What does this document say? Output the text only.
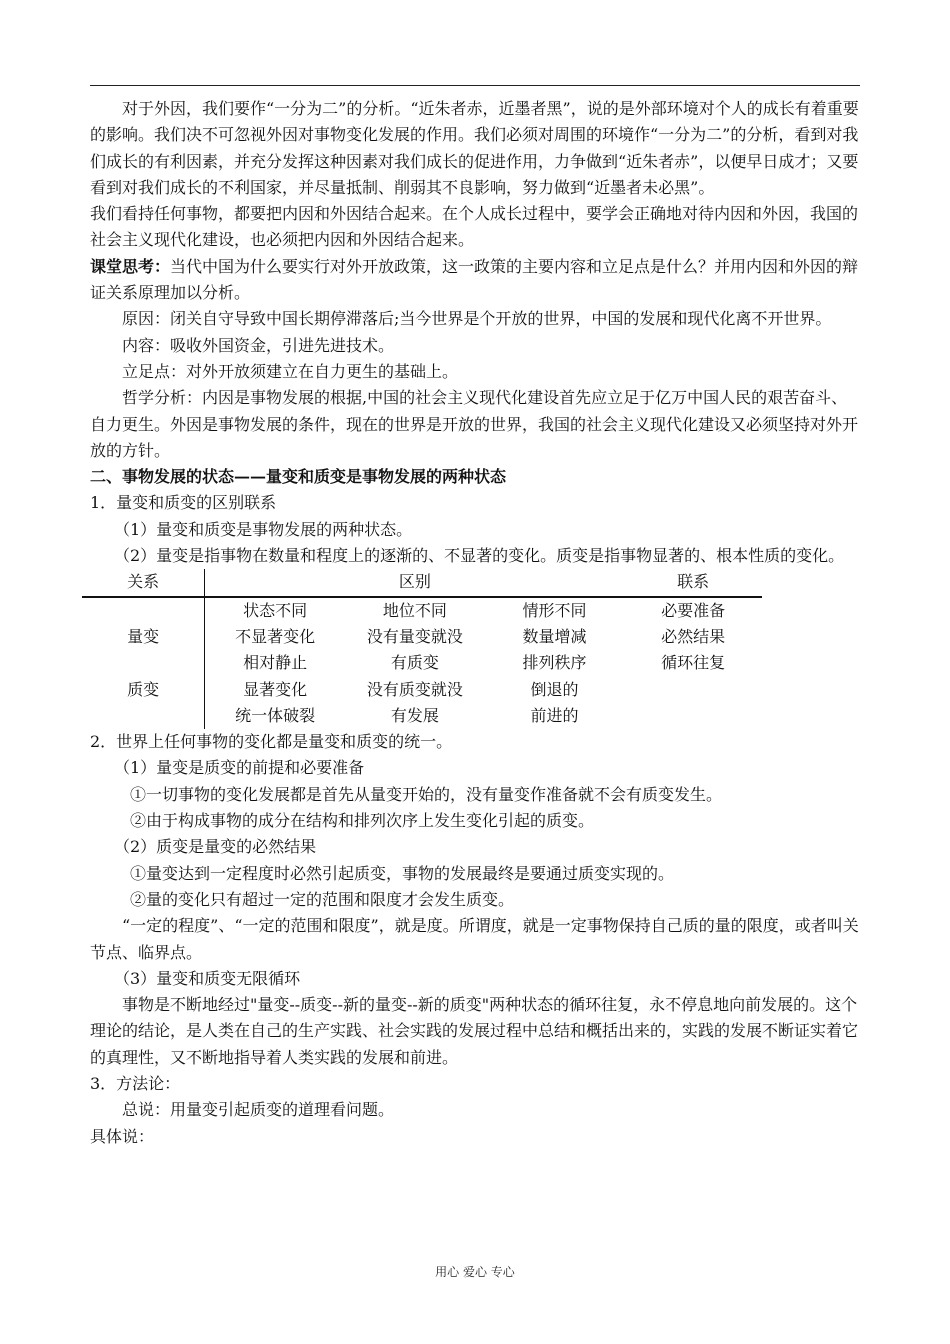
对于外因，我们要作“一分为二”的分析。“近朱者赤，近墨者黑”，说的是外部环境对个人的成长有着重要的影响。我们决不可忽视外因对事物变化发展的作用。我们必须对周围的环境作“一分为二”的分析，看到对我们成长的有利因素，并充分发挥这种因素对我们成长的促进作用，力争做到“近朱者赤”，以便早日成才；又要看到对我们成长的不利国家，并尽量抵制、削弱其不良影响，努力做到“近墨者未必黑”。

我们看持任何事物，都要把内因和外因结合起来。在个人成长过程中，要学会正确地对待内因和外因，我国的社会主义现代化建设，也必须把内因和外因结合起来。

课堂思考：当代中国为什么要实行对外开放政策，这一政策的主要内容和立足点是什么？并用内因和外因的辩证关系原理加以分析。

原因：闭关自守导致中国长期停滞落后;当今世界是个开放的世界，中国的发展和现代化离不开世界。

内容：吸收外国资金，引进先进技术。

立足点：对外开放须建立在自力更生的基础上。

哲学分析：内因是事物发展的根据,中国的社会主义现代化建设首先应立足于亿万中国人民的艰苦奋斗、自力更生。外因是事物发展的条件，现在的世界是开放的世界，我国的社会主义现代化建设又必须坚持对外开放的方针。

二、事物发展的状态——量变和质变是事物发展的两种状态

1．量变和质变的区别联系

（1）量变和质变是事物发展的两种状态。

（2）量变是指事物在数量和程度上的逐渐的、不显著的变化。质变是指事物显著的、根本性质的变化。

关系	区别			联系
	状态不同	地位不同	情形不同	必要准备
量变	不显著变化	没有量变就没	数量增减	必然结果
	相对静止	有质变	排列秩序	循环往复
质变	显著变化	没有质变就没	倒退的	
	统一体破裂	有发展	前进的	

2．世界上任何事物的变化都是量变和质变的统一。

（1）量变是质变的前提和必要准备

①一切事物的变化发展都是首先从量变开始的，没有量变作准备就不会有质变发生。

②由于构成事物的成分在结构和排列次序上发生变化引起的质变。

（2）质变是量变的必然结果

①量变达到一定程度时必然引起质变，事物的发展最终是要通过质变实现的。

②量的变化只有超过一定的范围和限度才会发生质变。

“一定的程度”、“一定的范围和限度”，就是度。所谓度，就是一定事物保持自己质的量的限度，或者叫关节点、临界点。

（3）量变和质变无限循环

事物是不断地经过"量变--质变--新的量变--新的质变"两种状态的循环往复，永不停息地向前发展的。这个理论的结论，是人类在自己的生产实践、社会实践的发展过程中总结和概括出来的，实践的发展不断证实着它的真理性，又不断地指导着人类实践的发展和前进。

3．方法论：

总说：用量变引起质变的道理看问题。

具体说：

用心 爱心 专心
